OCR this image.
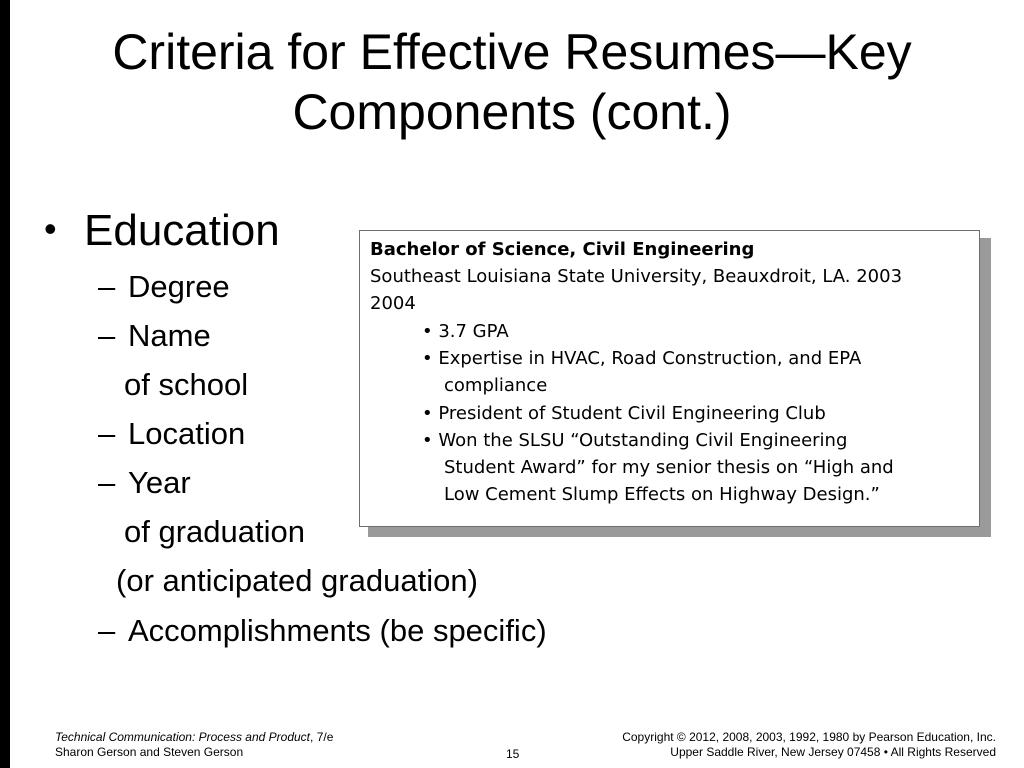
Criteria for Effective Resumes—Key
Components (cont.)
• Education
– Degree
– Name
of school
– Location
– Year
of graduation
(or anticipated graduation)
– Accomplishments (be specific)
Bachelor of Science, Civil Engineering
Southeast Louisiana State University, Beauxdroit, LA. 2003
2004
• 3.7 GPA
• Expertise in HVAC, Road Construction, and EPA
compliance
• President of Student Civil Engineering Club
• Won the SLSU “Outstanding Civil Engineering
Student Award” for my senior thesis on “High and
Low Cement Slump Effects on Highway Design.”
Technical Communication: Process and Product, 7/e
Sharon Gerson and Steven Gerson	15
Copyright © 2012, 2008, 2003, 1992, 1980 by Pearson Education, Inc.
Upper Saddle River, New Jersey 07458 • All Rights Reserved
